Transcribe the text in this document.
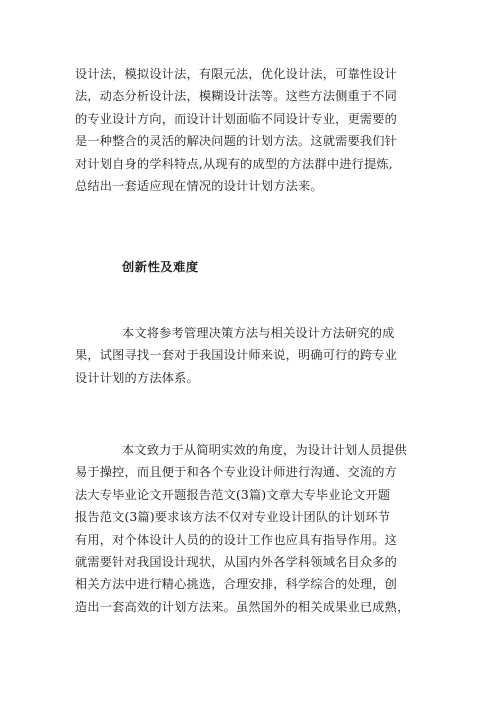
设计法，模拟设计法，有限元法，优化设计法，可靠性设计
法，动态分析设计法，模糊设计法等。这些方法侧重于不同
的专业设计方向，而设计计划面临不同设计专业，更需要的
是一种整合的灵活的解决问题的计划方法。这就需要我们针
对计划自身的学科特点,从现有的成型的方法群中进行提炼,
总结出一套适应现在情况的设计计划方法来。
创新性及难度
本文将参考管理决策方法与相关设计方法研究的成
果，试图寻找一套对于我国设计师来说，明确可行的跨专业
设计计划的方法体系。
本文致力于从简明实效的角度，为设计计划人员提供
易于操控，而且便于和各个专业设计师进行沟通、交流的方
法大专毕业论文开题报告范文(3篇)文章大专毕业论文开题
报告范文(3篇)要求该方法不仅对专业设计团队的计划环节
有用，对个体设计人员的的设计工作也应具有指导作用。这
就需要针对我国设计现状，从国内外各学科领域名目众多的
相关方法中进行精心挑选，合理安排，科学综合的处理，创
造出一套高效的计划方法来。虽然国外的相关成果业已成熟，
